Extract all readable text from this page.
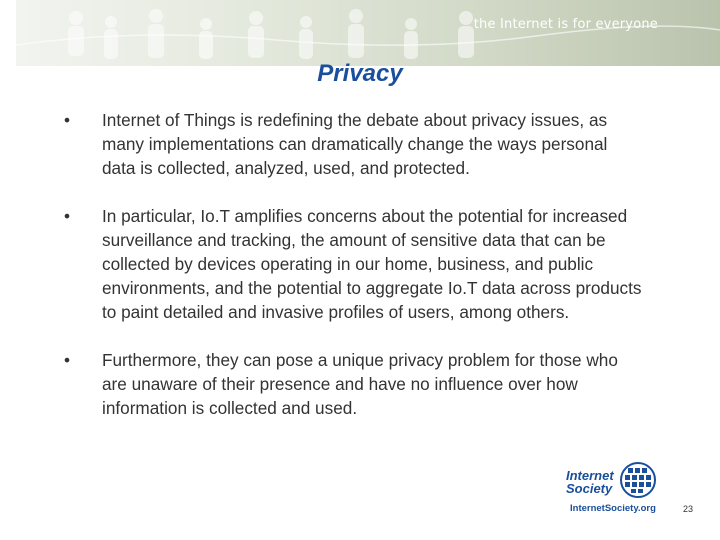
the Internet is for everyone
Privacy
• Internet of Things is redefining the debate about privacy issues, as many implementations can dramatically change the ways personal data is collected, analyzed, used, and protected.
• In particular, Io.T amplifies concerns about the potential for increased surveillance and tracking, the amount of sensitive data that can be collected by devices operating in our home, business, and public environments, and the potential to aggregate Io.T data across products to paint detailed and invasive profiles of users, among others.
• Furthermore, they can pose a unique privacy problem for those who are unaware of their presence and have no influence over how information is collected and used.
Internet
Society
InternetSociety.org	23
